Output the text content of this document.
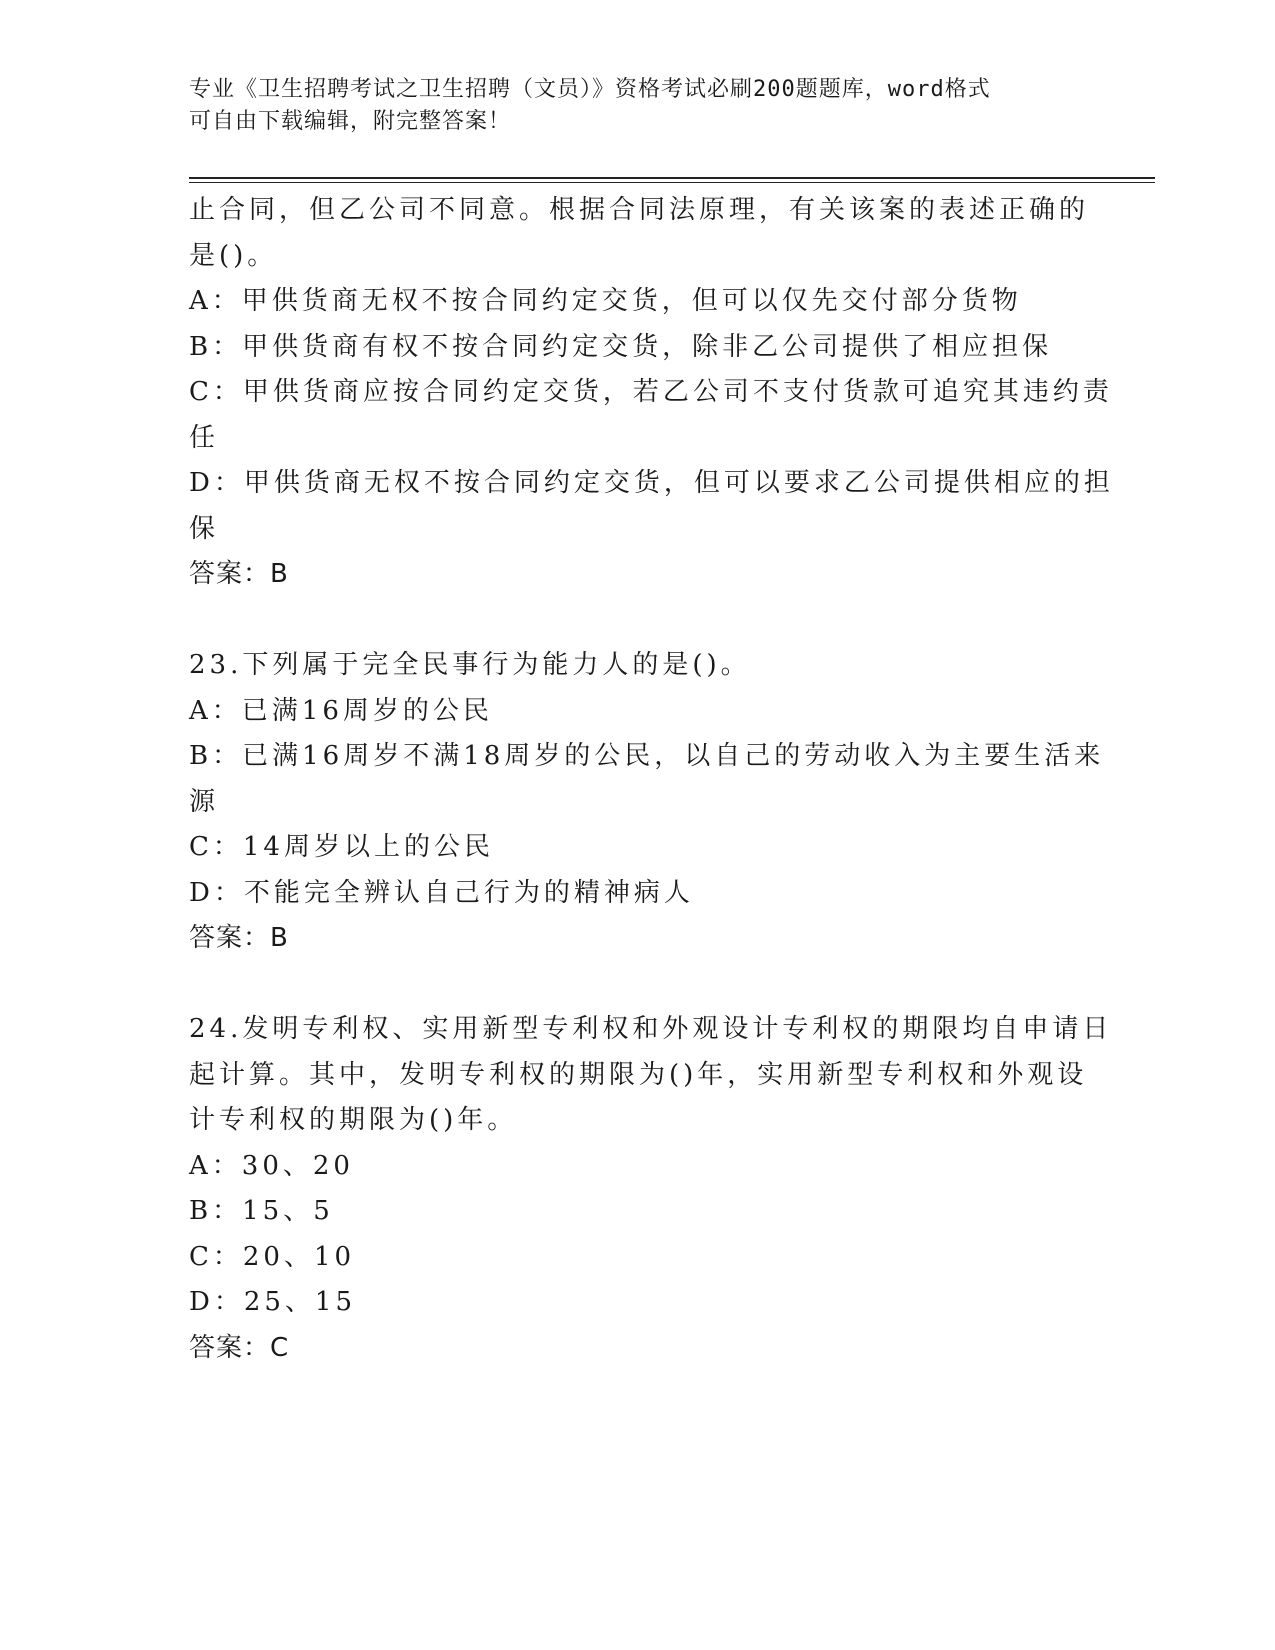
专业《卫生招聘考试之卫生招聘（文员）》资格考试必刷200题题库，word格式
可自由下载编辑，附完整答案！
止合同，但乙公司不同意。根据合同法原理，有关该案的表述正确的
是()。
A：甲供货商无权不按合同约定交货，但可以仅先交付部分货物
B：甲供货商有权不按合同约定交货，除非乙公司提供了相应担保
C：甲供货商应按合同约定交货，若乙公司不支付货款可追究其违约责
任
D：甲供货商无权不按合同约定交货，但可以要求乙公司提供相应的担
保
答案：B
23.下列属于完全民事行为能力人的是()。
A：已满16周岁的公民
B：已满16周岁不满18周岁的公民，以自己的劳动收入为主要生活来
源
C：14周岁以上的公民
D：不能完全辨认自己行为的精神病人
答案：B
24.发明专利权、实用新型专利权和外观设计专利权的期限均自申请日
起计算。其中，发明专利权的期限为()年，实用新型专利权和外观设
计专利权的期限为()年。
A：30、20
B：15、5
C：20、10
D：25、15
答案：C
